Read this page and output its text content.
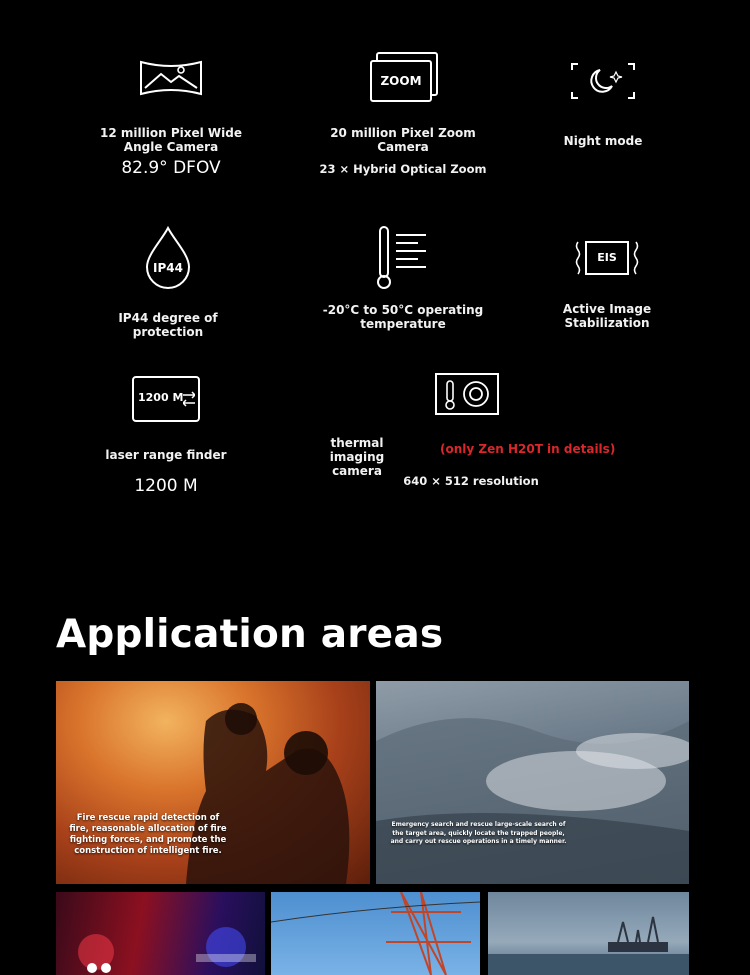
12 million Pixel Wide Angle Camera
82.9° DFOV
ZOOM
20 million Pixel Zoom Camera
23 × Hybrid Optical Zoom
Night mode
IP44
IP44 degree of protection
-20°C to 50°C operating temperature
EIS
Active Image Stabilization
1200 M
laser range finder
1200 M
thermal imaging camera
(only Zen H20T in details)
640 × 512 resolution
Application areas
Fire rescue rapid detection of fire, reasonable allocation of fire fighting forces, and promote the construction of intelligent fire.
Emergency search and rescue large-scale search of the target area, quickly locate the trapped people, and carry out rescue operations in a timely manner.
